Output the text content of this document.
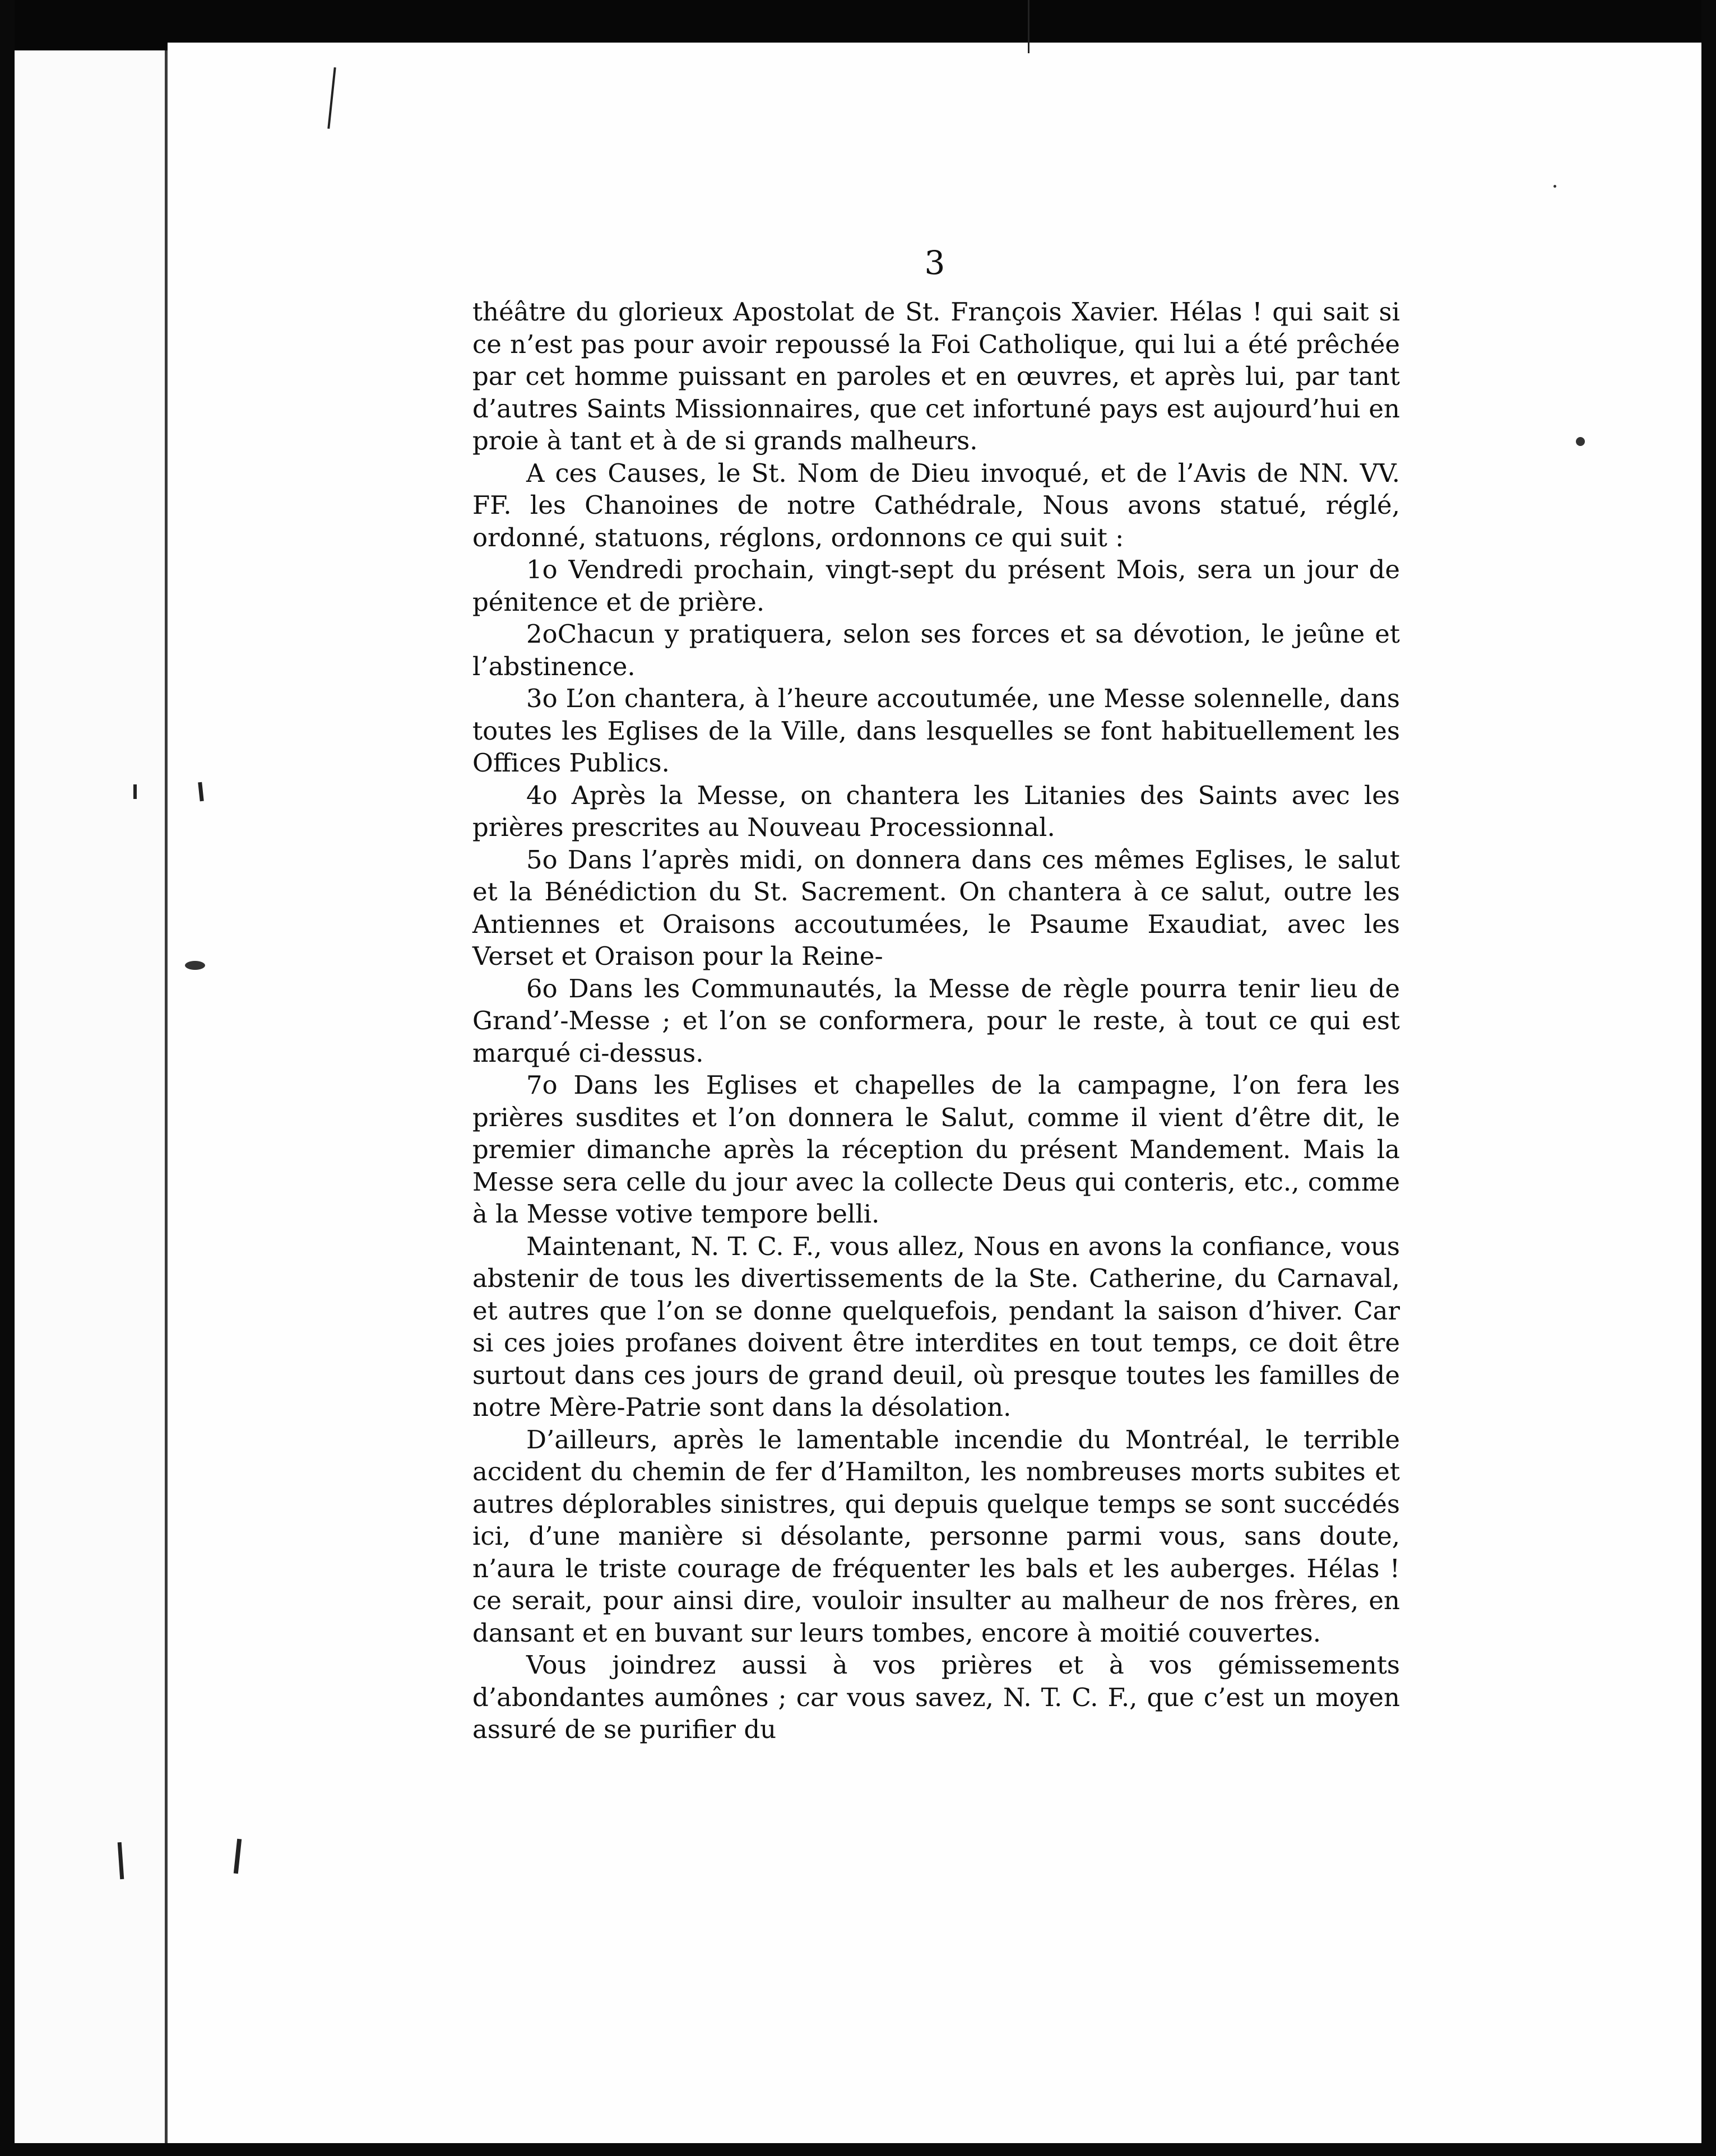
3

théâtre du glorieux Apostolat de St. François Xavier. Hélas ! qui sait si ce n’est pas pour avoir repoussé la Foi Catholique, qui lui a été prêchée par cet homme puissant en paroles et en œuvres, et après lui, par tant d’autres Saints Missionnaires, que cet infortuné pays est aujourd’hui en proie à tant et à de si grands malheurs.

A ces Causes, le St. Nom de Dieu invoqué, et de l’Avis de NN. VV. FF. les Chanoines de notre Cathédrale, Nous avons statué, réglé, ordonné, statuons, réglons, ordonnons ce qui suit :

1o Vendredi prochain, vingt-sept du présent Mois, sera un jour de pénitence et de prière.

2oChacun y pratiquera, selon ses forces et sa dévotion, le jeûne et l’abstinence.

3o L’on chantera, à l’heure accoutumée, une Messe solennelle, dans toutes les Eglises de la Ville, dans lesquelles se font habituellement les Offices Publics.

4o Après la Messe, on chantera les Litanies des Saints avec les prières prescrites au Nouveau Processionnal.

5o Dans l’après midi, on donnera dans ces mêmes Eglises, le salut et la Bénédiction du St. Sacrement. On chantera à ce salut, outre les Antiennes et Oraisons accoutumées, le Psaume Exaudiat, avec les Verset et Oraison pour la Reine-

6o Dans les Communautés, la Messe de règle pourra tenir lieu de Grand’-Messe ; et l’on se conformera, pour le reste, à tout ce qui est marqué ci-dessus.

7o Dans les Eglises et chapelles de la campagne, l’on fera les prières susdites et l’on donnera le Salut, comme il vient d’être dit, le premier dimanche après la réception du présent Mandement. Mais la Messe sera celle du jour avec la collecte Deus qui conteris, etc., comme à la Messe votive tempore belli.

Maintenant, N. T. C. F., vous allez, Nous en avons la confiance, vous abstenir de tous les divertissements de la Ste. Catherine, du Carnaval, et autres que l’on se donne quelquefois, pendant la saison d’hiver. Car si ces joies profanes doivent être interdites en tout temps, ce doit être surtout dans ces jours de grand deuil, où presque toutes les familles de notre Mère-Patrie sont dans la désolation.

D’ailleurs, après le lamentable incendie du Montréal, le terrible accident du chemin de fer d’Hamilton, les nombreuses morts subites et autres déplorables sinistres, qui depuis quelque temps se sont succédés ici, d’une manière si désolante, personne parmi vous, sans doute, n’aura le triste courage de fréquenter les bals et les auberges. Hélas ! ce serait, pour ainsi dire, vouloir insulter au malheur de nos frères, en dansant et en buvant sur leurs tombes, encore à moitié couvertes.

Vous joindrez aussi à vos prières et à vos gémissements d’abondantes aumônes ; car vous savez, N. T. C. F., que c’est un moyen assuré de se purifier du
